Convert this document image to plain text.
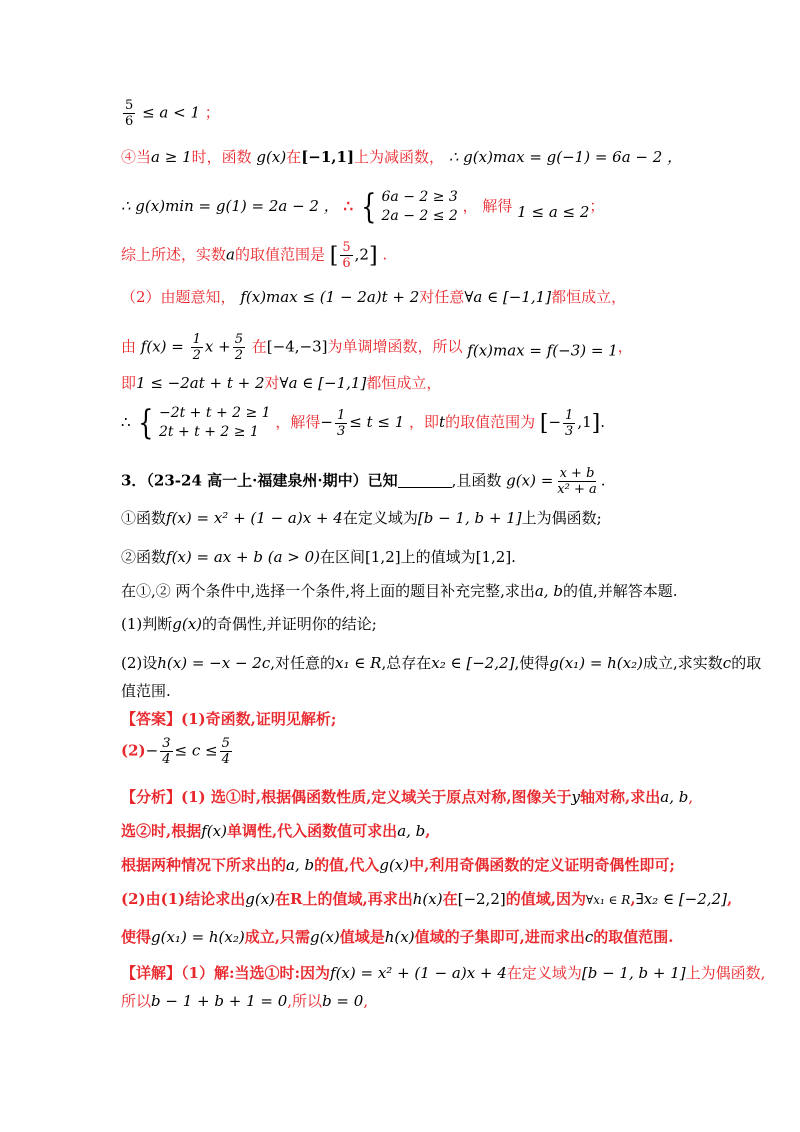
$\frac{5}{6} \le a < 1$ ；
④当a ≥ 1时，函数 g(x)在[−1,1]上为减函数， ∴ g(x)max = g(−1) = 6a − 2 ，
∴ g(x)min = g(1) = 2a − 2 ， ∴ { 6a − 2 ≥ 3
2a − 2 ≤ 2
， 解得 1 ≤ a ≤ 2；
综上所述，实数a的取值范围是 [ $\frac{5}{6} ,2$] .
（2）由题意知， f(x)max ≤ (1 − 2a)t + 2对任意∀a ∈ [−1,1]都恒成立，
由 $f(x) = \frac{1}{2}$ $x + \frac{5}{2}$ 在[−4,−3]为单调增函数，所以 f(x)max = f(−3) = 1，
即1 ≤ −2at + t + 2对∀a ∈ [−1,1]都恒成立，
∴ { −2t + t + 2 ≥ 1
2t + t + 2 ≥ 1
，解得− $\frac{1}{3} \le t \le 1$ ，即t的取值范围为 [− $\frac{1}{3} ,1$].
3．（23-24 高一上·福建泉州·期中）已知	,且函数 $g(x) = \frac{x + b}{\text{x² + a}}$ .
①函数f(x) = x² + (1 − a)x + 4在定义域为[b − 1, b + 1]上为偶函数;
②函数f(x) = ax + b (a > 0)在区间[1,2]上的值域为[1,2].
在①,② 两个条件中,选择一个条件,将上面的题目补充完整,求出a, b的值,并解答本题.
(1)判断g(x)的奇偶性,并证明你的结论;
(2)设h(x) = −x − 2c,对任意的x₁ ∈ R,总存在x₂ ∈ [−2,2],使得g(x₁) = h(x₂)成立,求实数c的取
值范围.
【答案】(1)奇函数,证明见解析;
$(2)- \frac{3}{4} \le c \le \frac{5}{4}$
【分析】(1) 选①时,根据偶函数性质,定义域关于原点对称,图像关于y轴对称,求出a, b,
选②时,根据f(x)单调性,代入函数值可求出a, b,
根据两种情况下所求出的a, b的值,代入g(x)中,利用奇偶函数的定义证明奇偶性即可;
(2)由(1)结论求出g(x)在R上的值域,再求出h(x)在[−2,2]的值域,因为∀x₁ ∈ R,∃x₂ ∈ [−2,2],
使得g(x₁) = h(x₂)成立,只需g(x)值域是h(x)值域的子集即可,进而求出c的取值范围.
【详解】（1）解:当选①时:因为f(x) = x² + (1 − a)x + 4在定义域为[b − 1, b + 1]上为偶函数,
所以b − 1 + b + 1 = 0,所以b = 0,
